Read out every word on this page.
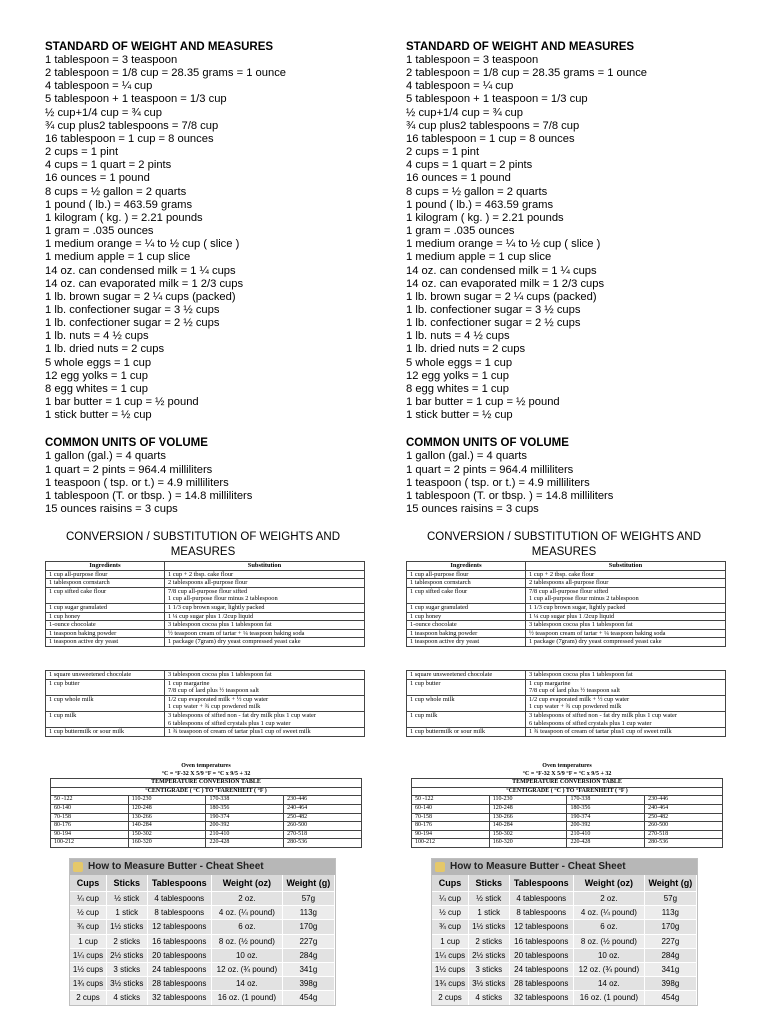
STANDARD OF WEIGHT AND MEASURES

1 tablespoon = 3 teaspoon

2 tablespoon = 1/8 cup = 28.35 grams = 1 ounce

4 tablespoon = ¼ cup

5 tablespoon + 1 teaspoon = 1/3 cup

½ cup+1/4 cup = ¾ cup

¾ cup plus2 tablespoons = 7/8 cup

16 tablespoon = 1 cup = 8 ounces

2 cups = 1 pint

4 cups = 1 quart = 2 pints

16 ounces = 1 pound

8 cups = ½ gallon = 2 quarts

1 pound ( lb.) = 463.59 grams

1 kilogram ( kg. ) = 2.21 pounds

1 gram = .035 ounces

1 medium orange = ¼ to ½ cup ( slice )

1 medium apple = 1 cup slice

14 oz. can condensed milk = 1 ¼ cups

14 oz. can evaporated milk = 1 2/3 cups

1 lb. brown sugar = 2 ¼ cups (packed)

1 lb. confectioner sugar = 3 ½ cups

1 lb. confectioner sugar = 2 ½ cups

1 lb. nuts = 4 ½ cups

1 lb. dried nuts = 2 cups

5 whole eggs = 1 cup

12 egg yolks = 1 cup

8 egg whites = 1 cup

1 bar butter = 1 cup = ½ pound

1 stick butter = ½ cup

COMMON UNITS OF VOLUME

1 gallon (gal.) = 4 quarts

1 quart = 2 pints = 964.4 milliliters

1 teaspoon ( tsp. or t.) = 4.9 milliliters

1 tablespoon (T. or tbsp. ) = 14.8 milliliters

15 ounces raisins = 3 cups

STANDARD OF WEIGHT AND MEASURES

1 tablespoon = 3 teaspoon

2 tablespoon = 1/8 cup = 28.35 grams = 1 ounce

4 tablespoon = ¼ cup

5 tablespoon + 1 teaspoon = 1/3 cup

½ cup+1/4 cup = ¾ cup

¾ cup plus2 tablespoons = 7/8 cup

16 tablespoon = 1 cup = 8 ounces

2 cups = 1 pint

4 cups = 1 quart = 2 pints

16 ounces = 1 pound

8 cups = ½ gallon = 2 quarts

1 pound ( lb.) = 463.59 grams

1 kilogram ( kg. ) = 2.21 pounds

1 gram = .035 ounces

1 medium orange = ¼ to ½ cup ( slice )

1 medium apple = 1 cup slice

14 oz. can condensed milk = 1 ¼ cups

14 oz. can evaporated milk = 1 2/3 cups

1 lb. brown sugar = 2 ¼ cups (packed)

1 lb. confectioner sugar = 3 ½ cups

1 lb. confectioner sugar = 2 ½ cups

1 lb. nuts = 4 ½ cups

1 lb. dried nuts = 2 cups

5 whole eggs = 1 cup

12 egg yolks = 1 cup

8 egg whites = 1 cup

1 bar butter = 1 cup = ½ pound

1 stick butter = ½ cup

COMMON UNITS OF VOLUME

1 gallon (gal.) = 4 quarts

1 quart = 2 pints = 964.4 milliliters

1 teaspoon ( tsp. or t.) = 4.9 milliliters

1 tablespoon (T. or tbsp. ) = 14.8 milliliters

15 ounces raisins = 3 cups

CONVERSION / SUBSTITUTION OF WEIGHTS AND MEASURES
CONVERSION / SUBSTITUTION OF WEIGHTS AND MEASURES
Ingredients	Substitution
1 cup all-purpose flour	1 cup + 2 tbsp. cake flour

1 tablespoon cornstarch	2 tablespoons all-purpose flour

1 cup sifted cake flour	7/8 cup all-purpose flour sifted
1 cup all-purpose flour minus 2 tablespoon

1 cup sugar granulated	1 1/3 cup brown sugar, lightly packed

1 cup honey	1 ¼ cup sugar plus 1 /2cup liquid

1-ounce chocolate	3 tablespoon cocoa plus 1 tablespoon fat

1 teaspoon baking powder	½ teaspoon cream of tartar + ¼ teaspoon baking soda

1 teaspoon active dry yeast	1 package (7gram) dry yeast compressed yeast cake
Ingredients	Substitution
1 cup all-purpose flour	1 cup + 2 tbsp. cake flour

1 tablespoon cornstarch	2 tablespoons all-purpose flour

1 cup sifted cake flour	7/8 cup all-purpose flour sifted
1 cup all-purpose flour minus 2 tablespoon

1 cup sugar granulated	1 1/3 cup brown sugar, lightly packed

1 cup honey	1 ¼ cup sugar plus 1 /2cup liquid

1-ounce chocolate	3 tablespoon cocoa plus 1 tablespoon fat

1 teaspoon baking powder	½ teaspoon cream of tartar + ¼ teaspoon baking soda

1 teaspoon active dry yeast	1 package (7gram) dry yeast compressed yeast cake
1 square unsweetened chocolate	3 tablespoon cocoa plus 1 tablespoon fat

1 cup butter	1 cup margarine
7/8 cup of lard plus ½ teaspoon salt

1 cup whole milk	1/2 cup evaporated milk + ½ cup water
1 cup water + ¾ cup powdered milk

1 cup milk	3 tablespoons of sifted non - fat dry milk plus 1 cup water
6 tablespoons of sifted crystals plus 1 cup water

1 cup buttermilk or sour milk	1 ¾ teaspoon of cream of tartar plus1 cup of sweet milk
1 square unsweetened chocolate	3 tablespoon cocoa plus 1 tablespoon fat

1 cup butter	1 cup margarine
7/8 cup of lard plus ½ teaspoon salt

1 cup whole milk	1/2 cup evaporated milk + ½ cup water
1 cup water + ¾ cup powdered milk

1 cup milk	3 tablespoons of sifted non - fat dry milk plus 1 cup water
6 tablespoons of sifted crystals plus 1 cup water

1 cup buttermilk or sour milk	1 ¾ teaspoon of cream of tartar plus1 cup of sweet milk
Oven temperatures
°C = °F-32 X 5/9 °F = °C x 9/5 + 32
TEMPERATURE CONVERSION TABLE			
°CENTIGRADE ( °C ) TO °FARENHEIT ( °F )			
50 -122	110-230	170-338	230-446
60-140	120-248	180-356	240-464
70-158	130-266	190-374	250-482
80-176	140-284	200-392	260-500
90-194	150-302	210-410	270-518
100-212	160-320	220-428	280-536
Oven temperatures
°C = °F-32 X 5/9 °F = °C x 9/5 + 32
TEMPERATURE CONVERSION TABLE			
°CENTIGRADE ( °C ) TO °FARENHEIT ( °F )			
50 -122	110-230	170-338	230-446
60-140	120-248	180-356	240-464
70-158	130-266	190-374	250-482
80-176	140-284	200-392	260-500
90-194	150-302	210-410	270-518
100-212	160-320	220-428	280-536
How to Measure Butter - Cheat Sheet
Cups	Sticks	Tablespoons	Weight (oz)	Weight (g)
¼ cup	½ stick	4 tablespoons	2 oz.	57g
½ cup	1 stick	8 tablespoons	4 oz. (¼ pound)	113g
¾ cup	1½ sticks	12 tablespoons	6 oz.	170g
1 cup	2 sticks	16 tablespoons	8 oz. (½ pound)	227g
1¼ cups	2½ sticks	20 tablespoons	10 oz.	284g
1½ cups	3 sticks	24 tablespoons	12 oz. (¾ pound)	341g
1¾ cups	3½ sticks	28 tablespoons	14 oz.	398g
2 cups	4 sticks	32 tablespoons	16 oz. (1 pound)	454g
How to Measure Butter - Cheat Sheet
Cups	Sticks	Tablespoons	Weight (oz)	Weight (g)
¼ cup	½ stick	4 tablespoons	2 oz.	57g
½ cup	1 stick	8 tablespoons	4 oz. (¼ pound)	113g
¾ cup	1½ sticks	12 tablespoons	6 oz.	170g
1 cup	2 sticks	16 tablespoons	8 oz. (½ pound)	227g
1¼ cups	2½ sticks	20 tablespoons	10 oz.	284g
1½ cups	3 sticks	24 tablespoons	12 oz. (¾ pound)	341g
1¾ cups	3½ sticks	28 tablespoons	14 oz.	398g
2 cups	4 sticks	32 tablespoons	16 oz. (1 pound)	454g
